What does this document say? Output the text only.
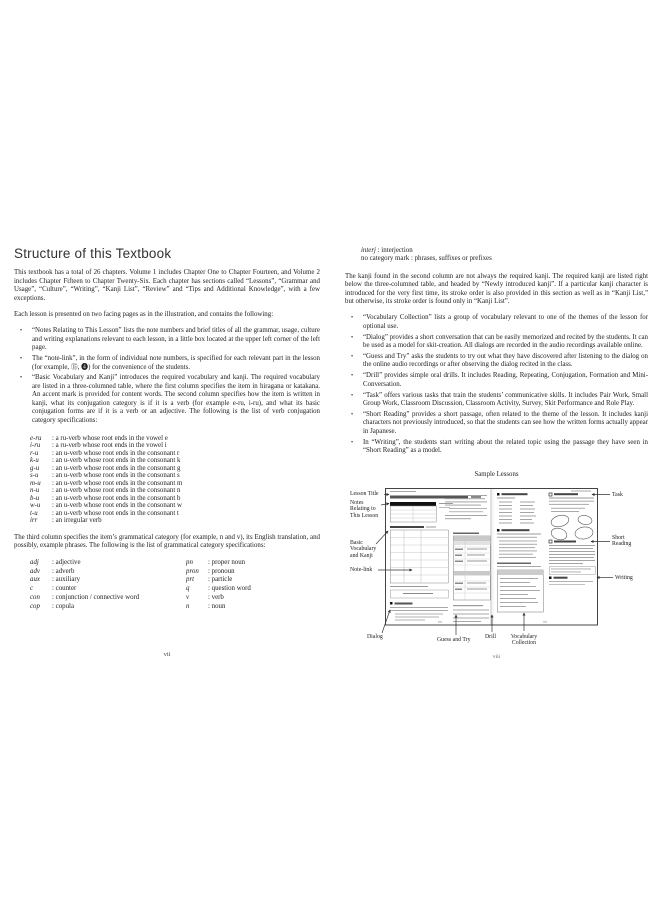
Structure of this Textbook

This textbook has a total of 26 chapters. Volume 1 includes Chapter One to Chapter Fourteen, and Volume 2 includes Chapter Fifteen to Chapter Twenty-Six. Each chapter has sections called “Lessons”, “Grammar and Usage”, “Culture”, “Writing”, “Kanji List”, “Review” and “Tips and Additional Knowledge”, with a few exceptions.

Each lesson is presented on two facing pages as in the illustration, and contains the following:

• “Notes Relating to This Lesson” lists the note numbers and brief titles of all the grammar, usage, culture and writing explanations relevant to each lesson, in a little box located at the upper left corner of the left page.
• The “note-link”, in the form of individual note numbers, is specified for each relevant part in the lesson (for example, ⑮, ❹) for the convenience of the students.
• “Basic Vocabulary and Kanji” introduces the required vocabulary and kanji. The required vocabulary are listed in a three-columned table, where the first column specifies the item in hiragana or katakana. An accent mark is provided for content words. The second column specifies how the item is written in kanji, what its conjugation category is if it is a verb (for example e-ru, i-ru), and what its basic conjugation forms are if it is a verb or an adjective. The following is the list of verb conjugation category specifications:
e-ru : a ru-verb whose root ends in the vowel e
i-ru : a ru-verb whose root ends in the vowel i
r-u : an u-verb whose root ends in the consonant r
k-u : an u-verb whose root ends in the consonant k
g-u : an u-verb whose root ends in the consonant g
s-u : an u-verb whose root ends in the consonant s
m-u : an u-verb whose root ends in the consonant m
n-u : an u-verb whose root ends in the consonant n
b-u : an u-verb whose root ends in the consonant b
w-u : an u-verb whose root ends in the consonant w
t-u : an u-verb whose root ends in the consonant t
irr : an irregular verb

The third column specifies the item’s grammatical category (for example, n and v), its English translation, and possibly, example phrases. The following is the list of grammatical category specifications:

adj : adjective	pn : proper noun
adv : adverb	pron : pronoun
aux : auxiliary	prt : particle
c	: counter	q	: question word
con : conjunction / connective word	v	: verb
cop : copula	n	: noun
vii
interj : interjection
no category mark : phrases, suffixes or prefixes

The kanji found in the second column are not always the required kanji. The required kanji are listed right below the three-columned table, and headed by “Newly introduced kanji”. If a particular kanji character is introduced for the very first time, its stroke order is also provided in this section as well as in “Kanji List,” but otherwise, its stroke order is found only in “Kanji List”.

• “Vocabulary Collection” lists a group of vocabulary relevant to one of the themes of the lesson for optional use.
• “Dialog” provides a short conversation that can be easily memorized and recited by the students. It can be used as a model for skit-creation. All dialogs are recorded in the audio recordings available online.
• “Guess and Try” asks the students to try out what they have discovered after listening to the dialog on the online audio recordings or after observing the dialog recited in the class.
• “Drill” provides simple oral drills. It includes Reading, Repeating, Conjugation, Formation and Mini-Conversation.
• “Task” offers various tasks that train the students’ communicative skills. It includes Pair Work, Small Group Work, Classroom Discussion, Classroom Activity, Survey, Skit Performance and Role Play.
• “Short Reading” provides a short passage, often related to the theme of the lesson. It includes kanji characters not previously introduced, so that the students can see how the written forms actually appear in Japanese.
• In “Writing”, the students start writing about the related topic using the passage they have seen in “Short Reading” as a model.
Sample Lessons
Lesson Title
Notes Relating to This Lesson
Basic Vocabulary and Kanji
Note-link
Dialog	Guess and Try	Drill	Vocabulary Collection
Task
Short Reading
Writing
viii
